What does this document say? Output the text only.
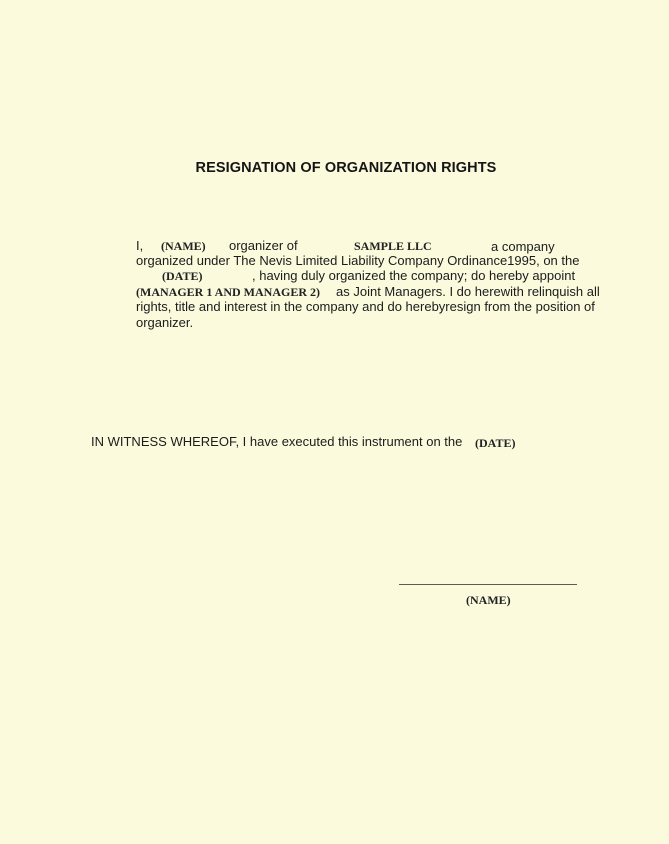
RESIGNATION OF ORGANIZATION RIGHTS
I, (NAME) organizer of	SAMPLE LLC	a company
organized under The Nevis Limited Liability Company Ordinance1995, on the
(DATE)	, having duly organized the company; do hereby appoint
(MANAGER 1 AND MANAGER 2) as Joint Managers. I do herewith relinquish all
rights, title and interest in the company and do herebyresign from the position of
organizer.
IN WITNESS WHEREOF, I have executed this instrument on the (DATE)
(NAME)
